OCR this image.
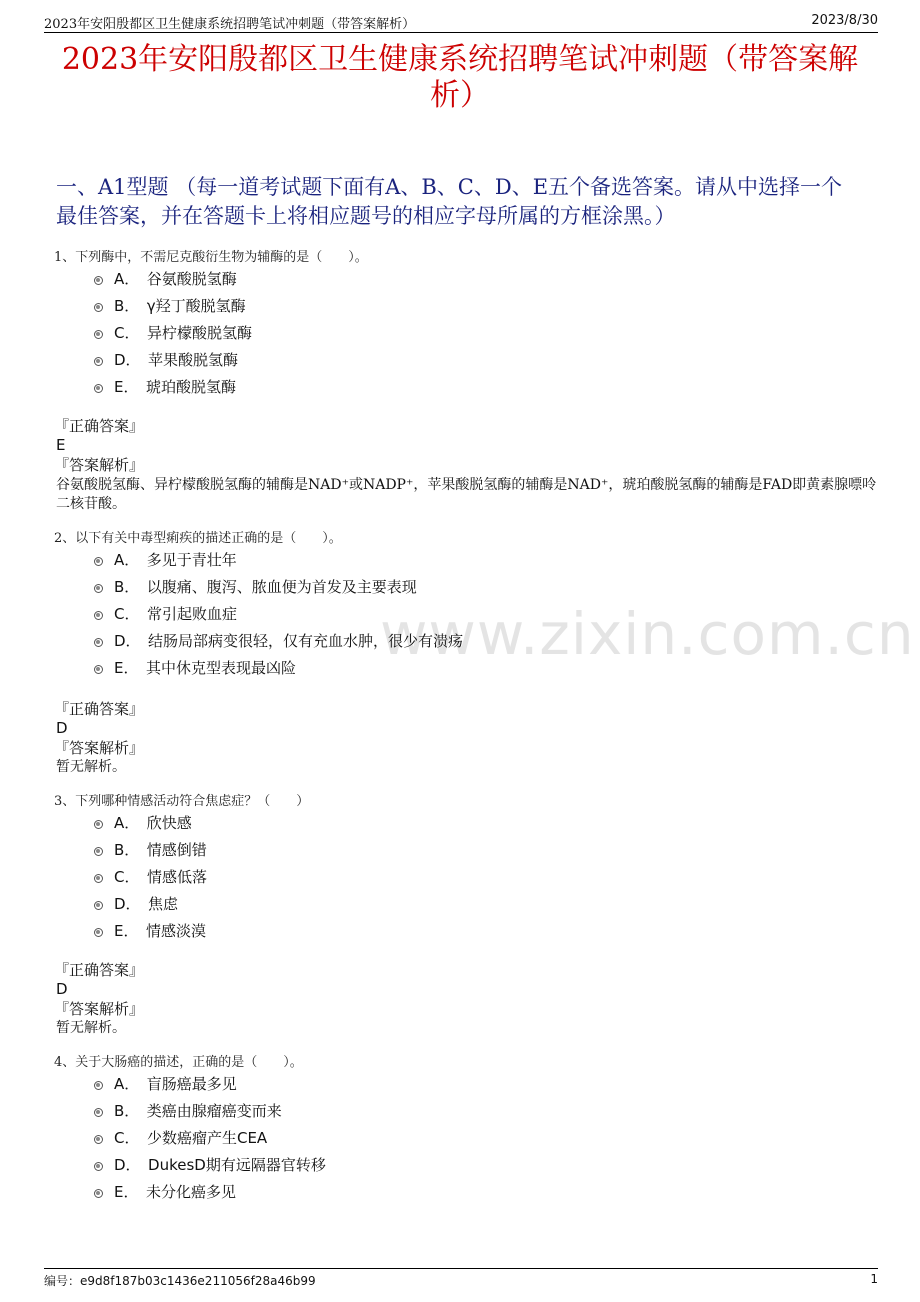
2023年安阳殷都区卫生健康系统招聘笔试冲刺题（带答案解析）	2023/8/30
2023年安阳殷都区卫生健康系统招聘笔试冲刺题（带答案解析）
一、A1型题 （每一道考试题下面有A、B、C、D、E五个备选答案。请从中选择一个最佳答案，并在答题卡上将相应题号的相应字母所属的方框涂黑。）
www.zixin.com.cn
1、下列酶中，不需尼克酸衍生物为辅酶的是（　　）。
A．　谷氨酸脱氢酶
B．　γ羟丁酸脱氢酶
C．　异柠檬酸脱氢酶
D．　苹果酸脱氢酶
E．　琥珀酸脱氢酶
『正确答案』
E
『答案解析』
谷氨酸脱氢酶、异柠檬酸脱氢酶的辅酶是NAD⁺或NADP⁺，苹果酸脱氢酶的辅酶是NAD⁺，琥珀酸脱氢酶的辅酶是FAD即黄素腺嘌呤二核苷酸。
2、以下有关中毒型痢疾的描述正确的是（　　）。
A．　多见于青壮年
B．　以腹痛、腹泻、脓血便为首发及主要表现
C．　常引起败血症
D．　结肠局部病变很轻，仅有充血水肿，很少有溃疡
E．　其中休克型表现最凶险
『正确答案』
D
『答案解析』
暂无解析。
3、下列哪种情感活动符合焦虑症？（　　）
A．　欣快感
B．　情感倒错
C．　情感低落
D．　焦虑
E．　情感淡漠
『正确答案』
D
『答案解析』
暂无解析。
4、关于大肠癌的描述，正确的是（　　）。
A．　盲肠癌最多见
B．　类癌由腺瘤癌变而来
C．　少数癌瘤产生CEA
D．　DukesD期有远隔器官转移
E．　未分化癌多见
编号：e9d8f187b03c1436e211056f28a46b99	1
